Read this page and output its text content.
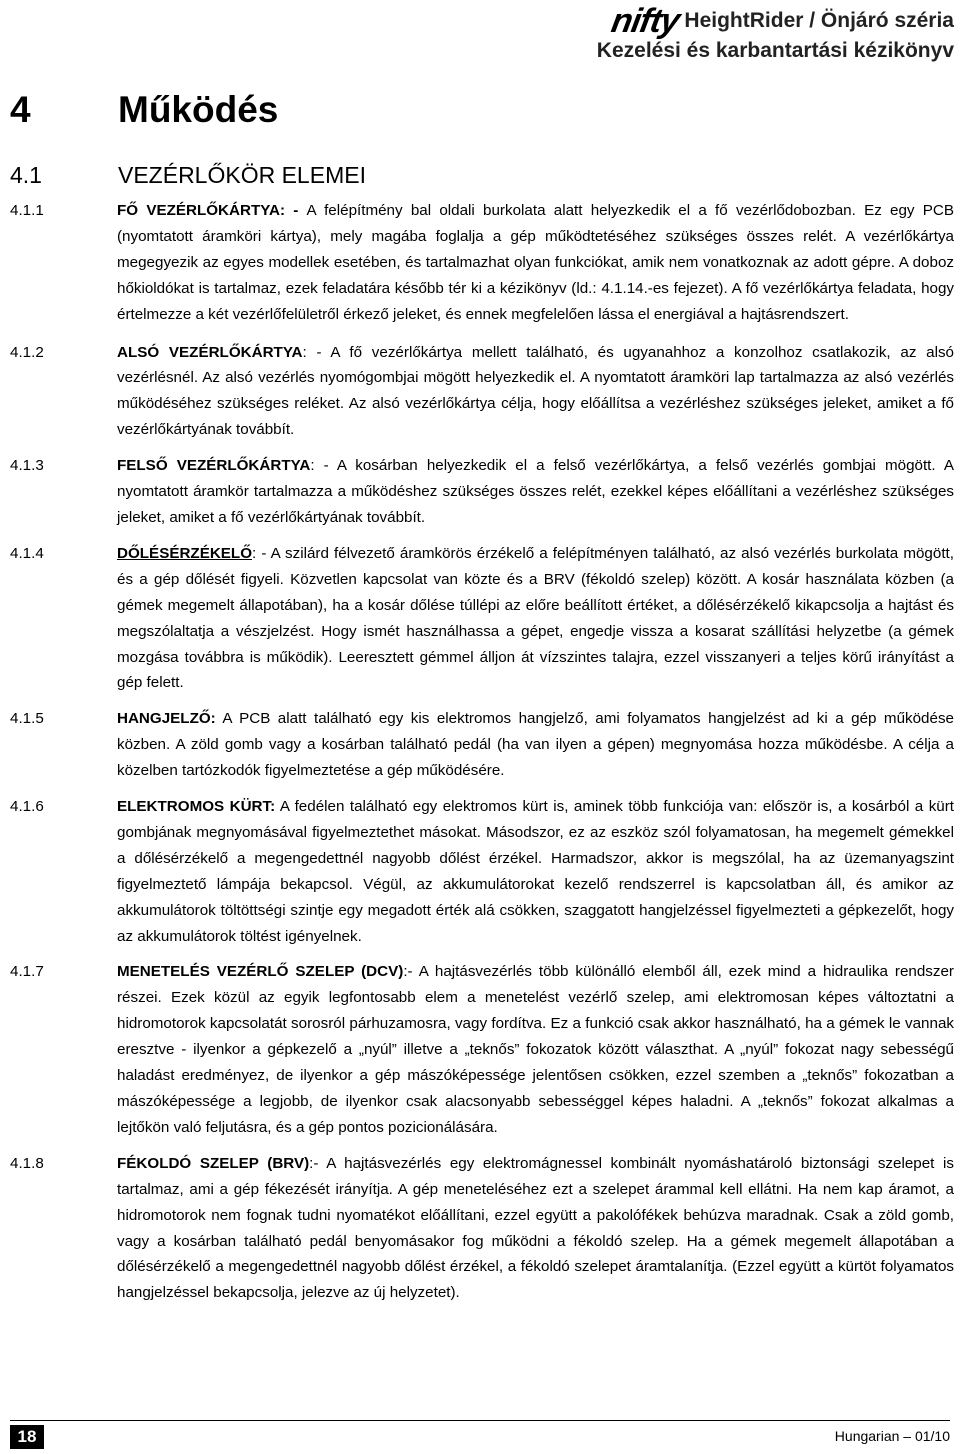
nifty HeightRider / Önjáró széria
Kezelési és karbantartási kézikönyv
4	Működés
4.1	VEZÉRLŐKÖR ELEMEI
4.1.1	FŐ VEZÉRLŐKÁRTYA: - A felépítmény bal oldali burkolata alatt helyezkedik el a fő vezérlődobozban. Ez egy PCB (nyomtatott áramköri kártya), mely magába foglalja a gép működtetéséhez szükséges összes relét. A vezérlőkártya megegyezik az egyes modellek esetében, és tartalmazhat olyan funkciókat, amik nem vonatkoznak az adott gépre. A doboz hőkioldókat is tartalmaz, ezek feladatára később tér ki a kézikönyv (ld.: 4.1.14.-es fejezet). A fő vezérlőkártya feladata, hogy értelmezze a két vezérlőfelületről érkező jeleket, és ennek megfelelően lássa el energiával a hajtásrendszert.
4.1.2	ALSÓ VEZÉRLŐKÁRTYA: - A fő vezérlőkártya mellett található, és ugyanahhoz a konzolhoz csatlakozik, az alsó vezérlésnél. Az alsó vezérlés nyomógombjai mögött helyezkedik el. A nyomtatott áramköri lap tartalmazza az alsó vezérlés működéséhez szükséges reléket. Az alsó vezérlőkártya célja, hogy előállítsa a vezérléshez szükséges jeleket, amiket a fő vezérlőkártyának továbbít.
4.1.3	FELSŐ VEZÉRLŐKÁRTYA: - A kosárban helyezkedik el a felső vezérlőkártya, a felső vezérlés gombjai mögött. A nyomtatott áramkör tartalmazza a működéshez szükséges összes relét, ezekkel képes előállítani a vezérléshez szükséges jeleket, amiket a fő vezérlőkártyának továbbít.
4.1.4	DŐLÉSÉRZÉKELŐ: - A szilárd félvezető áramkörös érzékelő a felépítményen található, az alsó vezérlés burkolata mögött, és a gép dőlését figyeli. Közvetlen kapcsolat van közte és a BRV (fékoldó szelep) között. A kosár használata közben (a gémek megemelt állapotában), ha a kosár dőlése túllépi az előre beállított értéket, a dőlésérzékelő kikapcsolja a hajtást és megszólaltatja a vészjelzést. Hogy ismét használhassa a gépet, engedje vissza a kosarat szállítási helyzetbe (a gémek mozgása továbbra is működik). Leeresztett gémmel álljon át vízszintes talajra, ezzel visszanyeri a teljes körű irányítást a gép felett.
4.1.5	HANGJELZŐ: A PCB alatt található egy kis elektromos hangjelző, ami folyamatos hangjelzést ad ki a gép működése közben. A zöld gomb vagy a kosárban található pedál (ha van ilyen a gépen) megnyomása hozza működésbe. A célja a közelben tartózkodók figyelmeztetése a gép működésére.
4.1.6	ELEKTROMOS KÜRT: A fedélen található egy elektromos kürt is, aminek több funkciója van: először is, a kosárból a kürt gombjának megnyomásával figyelmeztethet másokat. Másodszor, ez az eszköz szól folyamatosan, ha megemelt gémekkel a dőlésérzékelő a megengedettnél nagyobb dőlést érzékel. Harmadszor, akkor is megszólal, ha az üzemanyagszint figyelmeztető lámpája bekapcsol. Végül, az akkumulátorokat kezelő rendszerrel is kapcsolatban áll, és amikor az akkumulátorok töltöttségi szintje egy megadott érték alá csökken, szaggatott hangjelzéssel figyelmezteti a gépkezelőt, hogy az akkumulátorok töltést igényelnek.
4.1.7	MENETELÉS VEZÉRLŐ SZELEP (DCV):- A hajtásvezérlés több különálló elemből áll, ezek mind a hidraulika rendszer részei. Ezek közül az egyik legfontosabb elem a menetelést vezérlő szelep, ami elektromosan képes változtatni a hidromotorok kapcsolatát sorosról párhuzamosra, vagy fordítva. Ez a funkció csak akkor használható, ha a gémek le vannak eresztve - ilyenkor a gépkezelő a „nyúl” illetve a „teknős” fokozatok között választhat. A „nyúl” fokozat nagy sebességű haladást eredményez, de ilyenkor a gép mászóképessége jelentősen csökken, ezzel szemben a „teknős” fokozatban a mászóképessége a legjobb, de ilyenkor csak alacsonyabb sebességgel képes haladni. A „teknős” fokozat alkalmas a lejtőkön való feljutásra, és a gép pontos pozicionálására.
4.1.8	FÉKOLDÓ SZELEP (BRV):- A hajtásvezérlés egy elektromágnessel kombinált nyomáshatároló biztonsági szelepet is tartalmaz, ami a gép fékezését irányítja. A gép meneteléséhez ezt a szelepet árammal kell ellátni. Ha nem kap áramot, a hidromotorok nem fognak tudni nyomatékot előállítani, ezzel együtt a pakolófékek behúzva maradnak. Csak a zöld gomb, vagy a kosárban található pedál benyomásakor fog működni a fékoldó szelep. Ha a gémek megemelt állapotában a dőlésérzékelő a megengedettnél nagyobb dőlést érzékel, a fékoldó szelepet áramtalanítja. (Ezzel együtt a kürtöt folyamatos hangjelzéssel bekapcsolja, jelezve az új helyzetet).
18	Hungarian – 01/10
